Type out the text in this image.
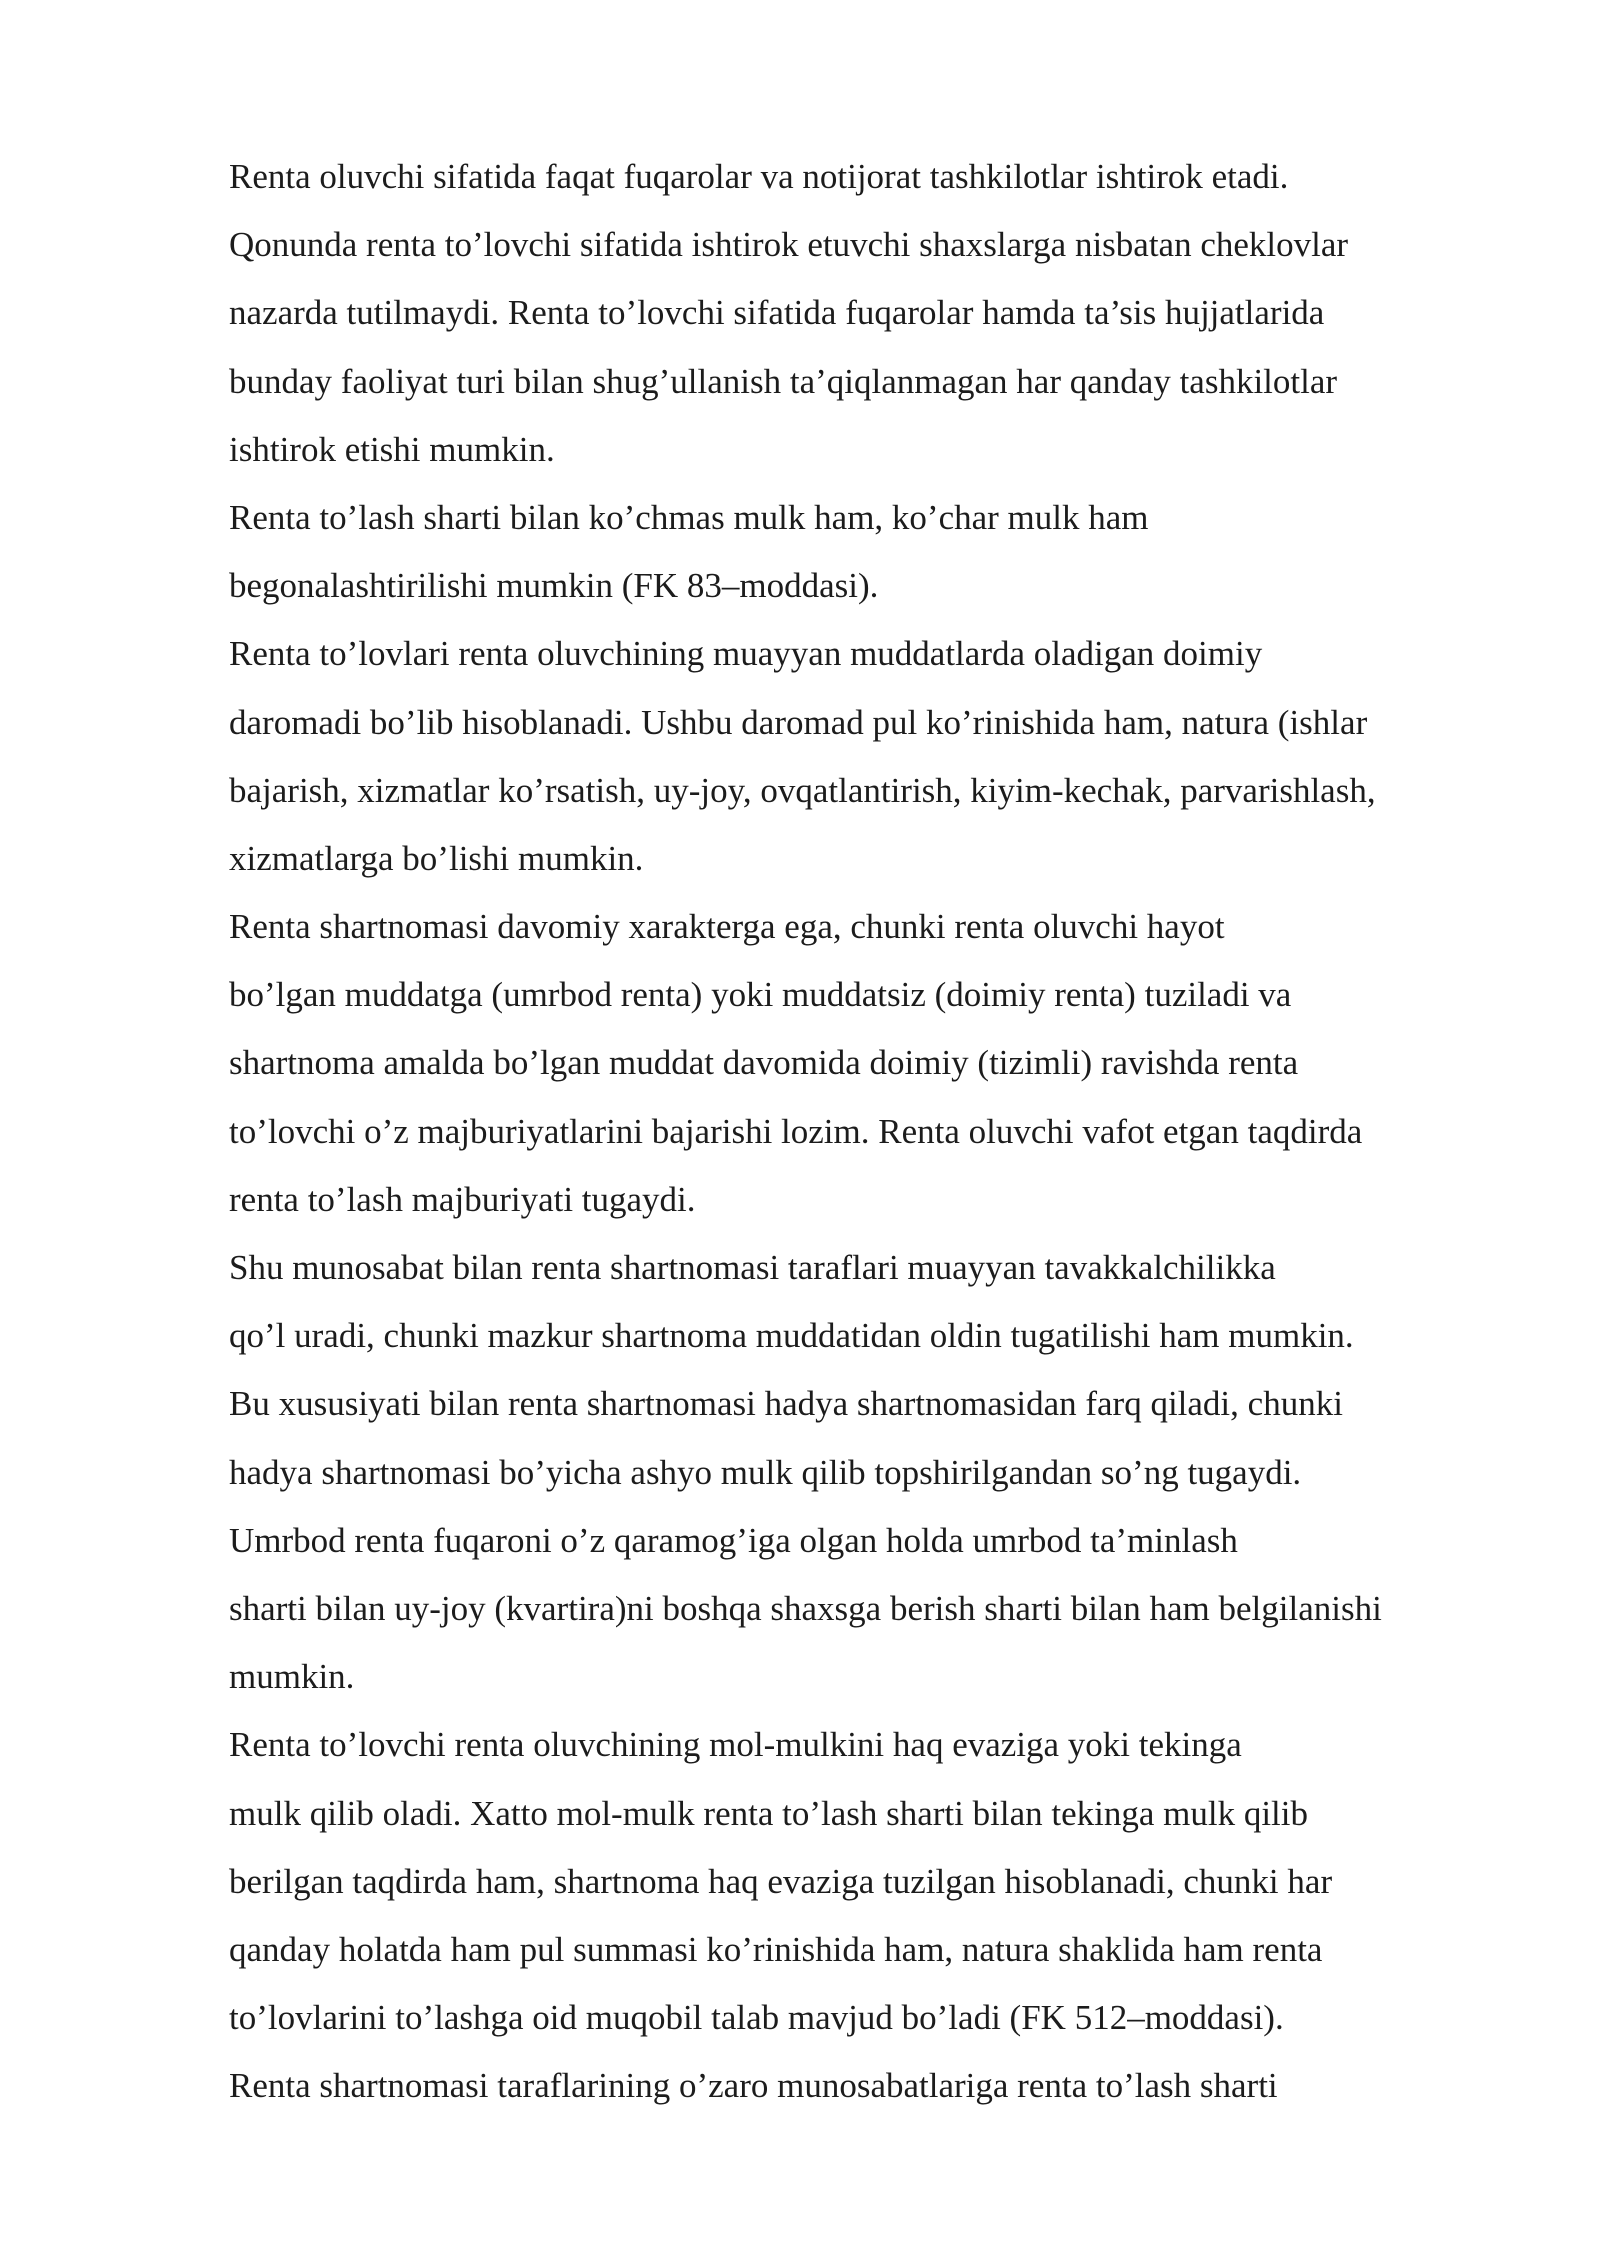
Renta oluvchi sifatida faqat fuqarolar va notijorat tashkilotlar ishtirok etadi.
Qonunda renta to’lovchi sifatida ishtirok etuvchi shaxslarga nisbatan cheklovlar
nazarda tutilmaydi. Renta to’lovchi sifatida fuqarolar hamda ta’sis hujjatlarida
bunday faoliyat turi bilan shug’ullanish ta’qiqlanmagan har qanday tashkilotlar
ishtirok etishi mumkin.
Renta to’lash sharti bilan ko’chmas mulk ham, ko’char mulk ham
begonalashtirilishi mumkin (FK 83–moddasi).
Renta to’lovlari renta oluvchining muayyan muddatlarda oladigan doimiy
daromadi bo’lib hisoblanadi. Ushbu daromad pul ko’rinishida ham, natura (ishlar
bajarish, xizmatlar ko’rsatish, uy-joy, ovqatlantirish, kiyim-kechak, parvarishlash,
xizmatlarga bo’lishi mumkin.
Renta shartnomasi davomiy xarakterga ega, chunki renta oluvchi hayot
bo’lgan muddatga (umrbod renta) yoki muddatsiz (doimiy renta) tuziladi va
shartnoma amalda bo’lgan muddat davomida doimiy (tizimli) ravishda renta
to’lovchi o’z majburiyatlarini bajarishi lozim. Renta oluvchi vafot etgan taqdirda
renta to’lash majburiyati tugaydi.
Shu munosabat bilan renta shartnomasi taraflari muayyan tavakkalchilikka
qo’l uradi, chunki mazkur shartnoma muddatidan oldin tugatilishi ham mumkin.
Bu xususiyati bilan renta shartnomasi hadya shartnomasidan farq qiladi, chunki
hadya shartnomasi bo’yicha ashyo mulk qilib topshirilgandan so’ng tugaydi.
Umrbod renta fuqaroni o’z qaramog’iga olgan holda umrbod ta’minlash
sharti bilan uy-joy (kvartira)ni boshqa shaxsga berish sharti bilan ham belgilanishi
mumkin.
Renta to’lovchi renta oluvchining mol-mulkini haq evaziga yoki tekinga
mulk qilib oladi. Xatto mol-mulk renta to’lash sharti bilan tekinga mulk qilib
berilgan taqdirda ham, shartnoma haq evaziga tuzilgan hisoblanadi, chunki har
qanday holatda ham pul summasi ko’rinishida ham, natura shaklida ham renta
to’lovlarini to’lashga oid muqobil talab mavjud bo’ladi (FK 512–moddasi).
Renta shartnomasi taraflarining o’zaro munosabatlariga renta to’lash sharti
